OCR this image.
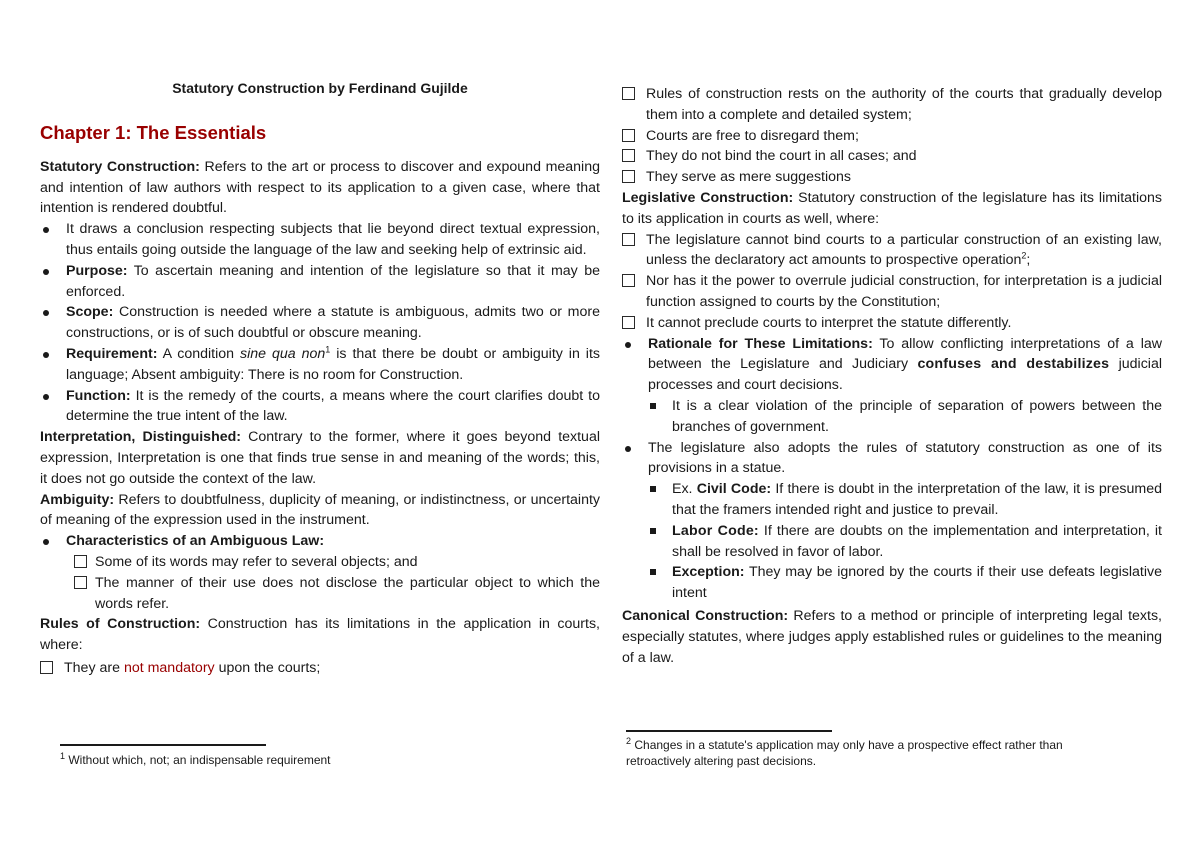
Statutory Construction by Ferdinand Gujilde

Chapter 1: The Essentials

Statutory Construction: Refers to the art or process to discover and expound meaning and intention of law authors with respect to its application to a given case, where that intention is rendered doubtful.

It draws a conclusion respecting subjects that lie beyond direct textual expression, thus entails going outside the language of the law and seeking help of extrinsic aid.

Purpose: To ascertain meaning and intention of the legislature so that it may be enforced.

Scope: Construction is needed where a statute is ambiguous, admits two or more constructions, or is of such doubtful or obscure meaning.

Requirement: A condition sine qua non$^1$ is that there be doubt or ambiguity in its language; Absent ambiguity: There is no room for Construction.

Function: It is the remedy of the courts, a means where the court clarifies doubt to determine the true intent of the law.

Interpretation, Distinguished: Contrary to the former, where it goes beyond textual expression, Interpretation is one that finds true sense in and meaning of the words; this, it does not go outside the context of the law.

Ambiguity: Refers to doubtfulness, duplicity of meaning, or indistinctness, or uncertainty of meaning of the expression used in the instrument.

Characteristics of an Ambiguous Law:

Some of its words may refer to several objects; and

The manner of their use does not disclose the particular object to which the words refer.

Rules of Construction: Construction has its limitations in the application in courts, where:

They are not mandatory upon the courts;

Rules of construction rests on the authority of the courts that gradually develop them into a complete and detailed system;

Courts are free to disregard them;

They do not bind the court in all cases; and

They serve as mere suggestions

Legislative Construction: Statutory construction of the legislature has its limitations to its application in courts as well, where:

The legislature cannot bind courts to a particular construction of an existing law, unless the declaratory act amounts to prospective operation$^2$;

Nor has it the power to overrule judicial construction, for interpretation is a judicial function assigned to courts by the Constitution;

It cannot preclude courts to interpret the statute differently.

Rationale for These Limitations: To allow conflicting interpretations of a law between the Legislature and Judiciary confuses and destabilizes judicial processes and court decisions.

It is a clear violation of the principle of separation of powers between the branches of government.

The legislature also adopts the rules of statutory construction as one of its provisions in a statue.

Ex. Civil Code: If there is doubt in the interpretation of the law, it is presumed that the framers intended right and justice to prevail.

Labor Code: If there are doubts on the implementation and interpretation, it shall be resolved in favor of labor.

Exception: They may be ignored by the courts if their use defeats legislative intent

Canonical Construction: Refers to a method or principle of interpreting legal texts, especially statutes, where judges apply established rules or guidelines to the meaning of a law.

$^1$ Without which, not; an indispensable requirement

$^2$ Changes in a statute's application may only have a prospective effect rather than retroactively altering past decisions.
